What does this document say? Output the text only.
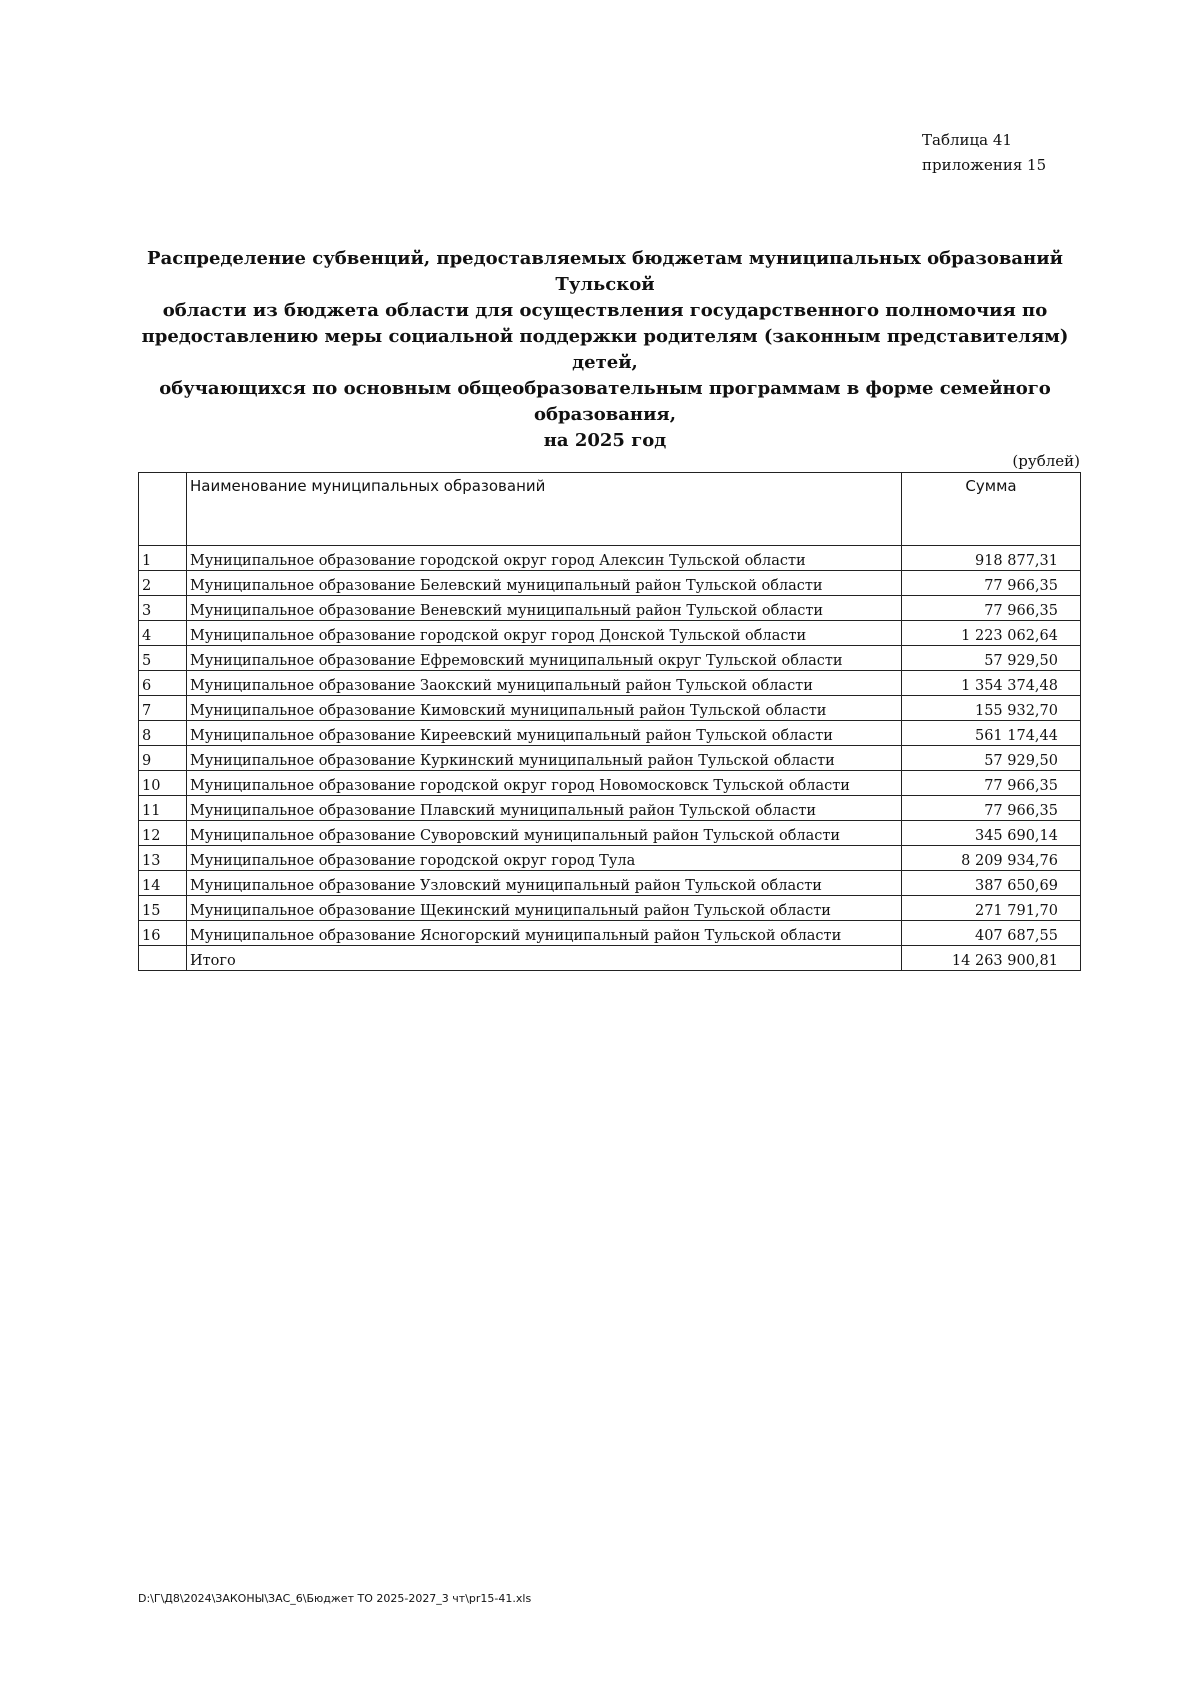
Таблица 41
приложения 15
Распределение субвенций, предоставляемых бюджетам муниципальных образований Тульской
области из бюджета области для осуществления государственного полномочия по
предоставлению меры социальной поддержки родителям (законным представителям) детей,
обучающихся по основным общеобразовательным программам в форме семейного образования,
на 2025 год
(рублей)
	Наименование муниципальных образований	Сумма
1	Муниципальное образование городской округ город Алексин Тульской области	918 877,31
2	Муниципальное образование Белевский муниципальный район Тульской области	77 966,35
3	Муниципальное образование Веневский муниципальный район Тульской области	77 966,35
4	Муниципальное образование городской округ город Донской Тульской области	1 223 062,64
5	Муниципальное образование Ефремовский муниципальный округ Тульской области	57 929,50
6	Муниципальное образование Заокский муниципальный район Тульской области	1 354 374,48
7	Муниципальное образование Кимовский муниципальный район Тульской области	155 932,70
8	Муниципальное образование Киреевский муниципальный район Тульской области	561 174,44
9	Муниципальное образование Куркинский муниципальный район Тульской области	57 929,50
10	Муниципальное образование городской округ город Новомосковск Тульской области	77 966,35
11	Муниципальное образование Плавский муниципальный район Тульской области	77 966,35
12	Муниципальное образование Суворовский муниципальный район Тульской области	345 690,14
13	Муниципальное образование городской округ город Тула	8 209 934,76
14	Муниципальное образование Узловский муниципальный район Тульской области	387 650,69
15	Муниципальное образование Щекинский муниципальный район Тульской области	271 791,70
16	Муниципальное образование Ясногорский муниципальный район Тульской области	407 687,55
	Итого	14 263 900,81
D:\Г\Д8\2024\ЗАКОНЫ\ЗАС_6\Бюджет ТО 2025-2027_3 чт\pr15-41.xls
